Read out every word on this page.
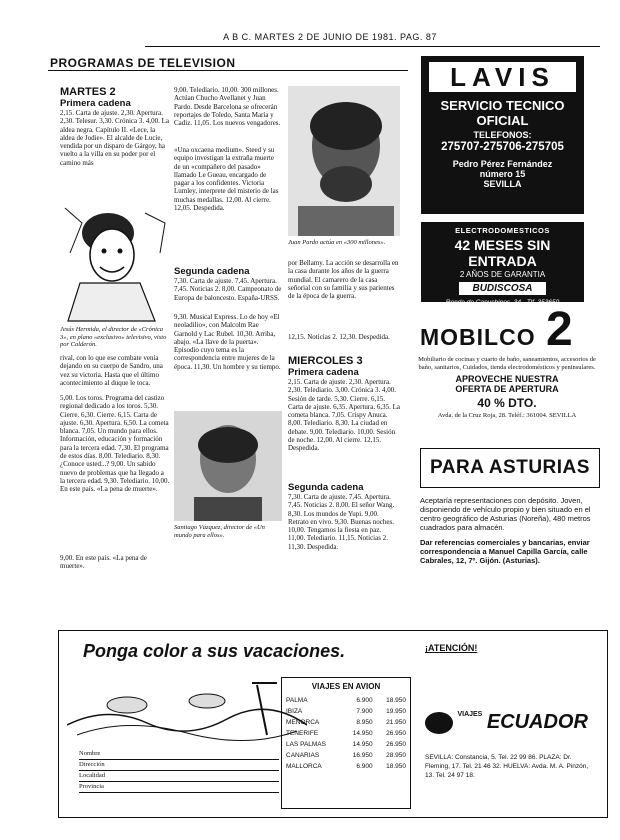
A B C. MARTES 2 DE JUNIO DE 1981. PAG. 87
PROGRAMAS DE TELEVISION
MARTES 2
Primera cadena

2,15. Carta de ajuste. 2,30. Apertura. 2,30. Telesur. 3,30. Crónica 3. 4,00. La aldea negra. Capítulo II. «Lece, la aldea de Jodie». El alcalde de Lucie, vendida por un disparo de Gárgoy, ha vuelto a la villa en su poder por el camino más

Jesús Hermida, el director de «Crónica 3», en plano «exclusivo» televisivo, visto por Calderón.

rival, con lo que ese combate venía dejando en su cuerpo de Sandro, una vez su victoria. Hasta que el último acontecimiento al duque le toca.

5,00. Los toros. Programa del castizo regional dedicado a los toros. 5,30. Cierre. 6,30. Cierre. 6,15. Carta de ajuste. 6,30. Apertura. 6,50. La cometa blanca. 7,05. Un mundo para ellos. Información, educación y formación para la tercera edad. 7,30. El programa de estos días. 8,00. Telediario. 8,30. ¿Conoce usted...? 9,00. Un sabido nuevo de problemas que ha llegado a la tercera edad. 9,30. Telediario. 10,00. En este país. «La pena de muerte».

9,00. En este país. «La pena de muerte».

9,00. Telediario. 10,00. 300 millones. Actúan Chucho Avellanet y Juan Pardo. Desde Barcelona se ofrecerán reportajes de Toledo, Santa María y Cadiz. 11,05. Los nuevos vengadores.

«Una oxcaena medium». Steed y su equipo investigan la extraña muerte de un «compañero del pasado» llamado Le Gueau, encargado de pagar a los confidentes. Victoria Lumley, interprete del misterio de las muchas medallas. 12,00. Al cierre. 12,05. Despedida.

Segunda cadena

7,30. Carta de ajuste. 7,45. Apertura. 7,45. Noticias 2. 8,00. Campeonato de Europa de baloncesto. España-URSS.

9,30. Musical Express. Lo de hoy «El neoladilio», con Malcolm Rae Garnold y Lac Rubel. 10,30. Arriba, abajo. «La llave de la puerta». Episodio cuyo tema es la correspondencia entre mujeres de la época. 11,30. Un hombre y su tiempo.

Santiago Vázquez, director de «Un mundo para ellos».

Juan Pardo actúa en «300 millones».

por Bellamy. La acción se desarrolla en la casa durante los años de la guerra mundial. El camarero de la casa señorial con su familia y sus parientes de la época de la guerra.

12,15. Noticias 2. 12,30. Despedida.

MIERCOLES 3
Primera cadena

2,15. Carta de ajuste. 2,30. Apertura. 2,30. Telediario. 3,00. Crónica 3. 4,00. Sesión de tarde. 5,30. Cierre. 6,15. Carta de ajuste. 6,35. Apertura. 6,35. La cometa blanca. 7,05. Crispy Anuca. 8,00. Telediario. 8,30. La ciudad en debate. 9,00. Telediario. 10,00. Sesión de noche. 12,00. Al cierre. 12,15. Despedida.

Segunda cadena

7,30. Carta de ajuste. 7,45. Apertura. 7,45. Noticias 2. 8,00. El señor Wang. 8,30. Los mundos de Yupi. 9,00. Retrato en vivo. 9,30. Buenas noches. 10,00. Tengamos la fiesta en paz. 11,00. Telediario. 11,15. Noticias 2. 11,30. Despedida.

LAVIS
SERVICIO TECNICO OFICIAL
TELEFONOS:
275707-275706-275705
Pedro Pérez Fernández
número 15
SEVILLA
ELECTRODOMESTICOS
42 MESES SIN ENTRADA
2 AÑOS DE GARANTIA
BUDISCOSA
Ronda de Capuchinos, 34 - Tlf. 353650
MOBILCO 2
Mobiliario de cocinas y cuarto de baño, saneamientos, accesorios de baño, sanitarios, Cuidados, tienda electrodomésticos y peninsulares.
APROVECHE NUESTRA
OFERTA DE APERTURA
40 % DTO.
Avda. de la Cruz Roja, 28. Teléf.: 361004. SEVILLA
PARA ASTURIAS
Aceptaría representaciones con depósito. Joven, disponiendo de vehículo propio y bien situado en el centro geográfico de Asturias (Noreña), 480 metros cuadrados para almacén.
Dar referencias comerciales y bancarias, enviar correspondencia a Manuel Capilla García, calle Cabrales, 12, 7º. Gijón. (Asturias).
Ponga color a sus vacaciones.
Nombre
Dirección
Localidad
Provincia
VIAJES EN AVION
PALMA	6.900	18.950
IBIZA	7.900	19.950
MENORCA	8.950	21.950
TENERIFE	14.950	26.950
LAS PALMAS	14.950	26.950
CANARIAS	16.950	28.950
MALLORCA	6.900	18.950
¡ATENCIÓN!
$^{VIAJES}$ ECUADOR
SEVILLA: Constancia, 5. Tel. 22 99 86. PLAZA: Dr. Fleming, 17. Tel. 21 46 32. HUELVA: Avda. M. A. Pinzón, 13. Tel. 24 97 18.
